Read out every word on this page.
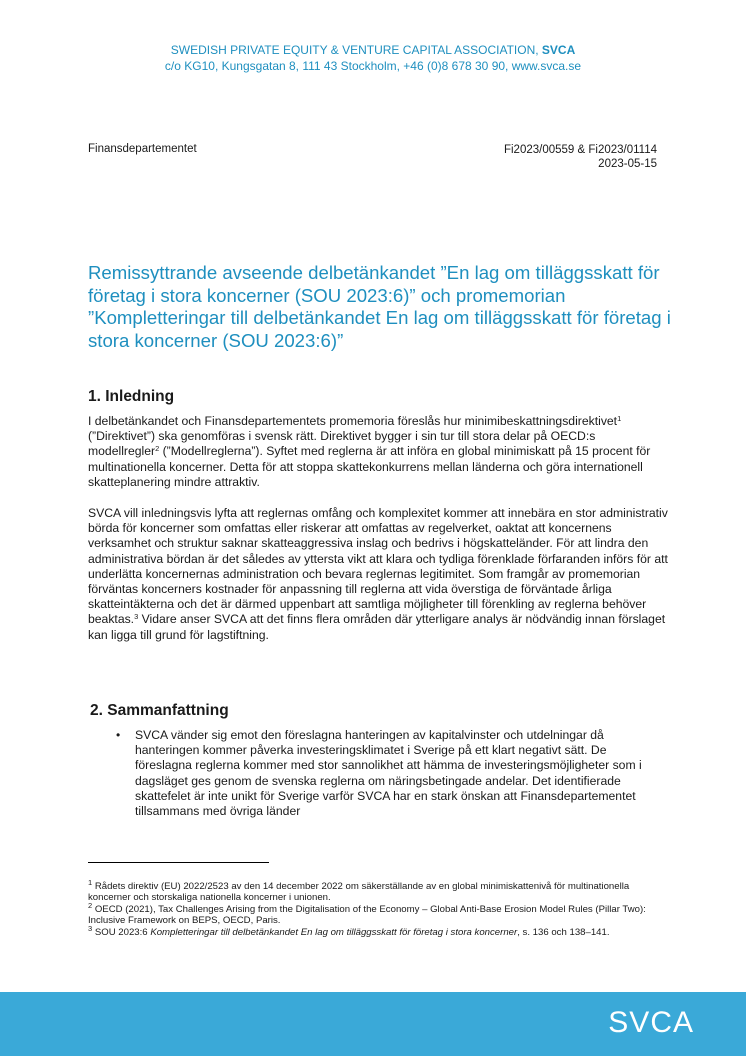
SWEDISH PRIVATE EQUITY & VENTURE CAPITAL ASSOCIATION, SVCA
c/o KG10, Kungsgatan 8, 111 43 Stockholm, +46 (0)8 678 30 90, www.svca.se
Finansdepartementet	Fi2023/00559 & Fi2023/01114
2023-05-15
Remissyttrande avseende delbetänkandet ”En lag om tilläggsskatt för företag i stora koncerner (SOU 2023:6)” och promemorian ”Kompletteringar till delbetänkandet En lag om tilläggsskatt för företag i stora koncerner (SOU 2023:6)”
1. Inledning

I delbetänkandet och Finansdepartementets promemoria föreslås hur minimibeskattningsdirektivet$^1$ (”Direktivet”) ska genomföras i svensk rätt. Direktivet bygger i sin tur till stora delar på OECD:s modellregler$^2$ (”Modellreglerna”). Syftet med reglerna är att införa en global minimiskatt på 15 procent för multinationella koncerner. Detta för att stoppa skattekonkurrens mellan länderna och göra internationell skatteplanering mindre attraktiv.

SVCA vill inledningsvis lyfta att reglernas omfång och komplexitet kommer att innebära en stor administrativ börda för koncerner som omfattas eller riskerar att omfattas av regelverket, oaktat att koncernens verksamhet och struktur saknar skatteaggressiva inslag och bedrivs i högskatteländer. För att lindra den administrativa bördan är det således av yttersta vikt att klara och tydliga förenklade förfaranden införs för att underlätta koncernernas administration och bevara reglernas legitimitet. Som framgår av promemorian förväntas koncerners kostnader för anpassning till reglerna att vida överstiga de förväntade årliga skatteintäkterna och det är därmed uppenbart att samtliga möjligheter till förenkling av reglerna behöver beaktas.$^3$ Vidare anser SVCA att det finns flera områden där ytterligare analys är nödvändig innan förslaget kan ligga till grund för lagstiftning.

2. Sammanfattning
• SVCA vänder sig emot den föreslagna hanteringen av kapitalvinster och utdelningar då hanteringen kommer påverka investeringsklimatet i Sverige på ett klart negativt sätt. De föreslagna reglerna kommer med stor sannolikhet att hämma de investeringsmöjligheter som i dagsläget ges genom de svenska reglerna om näringsbetingade andelar. Det identifierade skattefelet är inte unikt för Sverige varför SVCA har en stark önskan att Finansdepartementet tillsammans med övriga länder

$^1$ Rådets direktiv (EU) 2022/2523 av den 14 december 2022 om säkerställande av en global minimiskattenivå för multinationella koncerner och storskaliga nationella koncerner i unionen.

$^2$ OECD (2021), Tax Challenges Arising from the Digitalisation of the Economy – Global Anti-Base Erosion Model Rules (Pillar Two): Inclusive Framework on BEPS, OECD, Paris.

$^3$ SOU 2023:6 Kompletteringar till delbetänkandet En lag om tilläggsskatt för företag i stora koncerner, s. 136 och 138–141.

SVCA
